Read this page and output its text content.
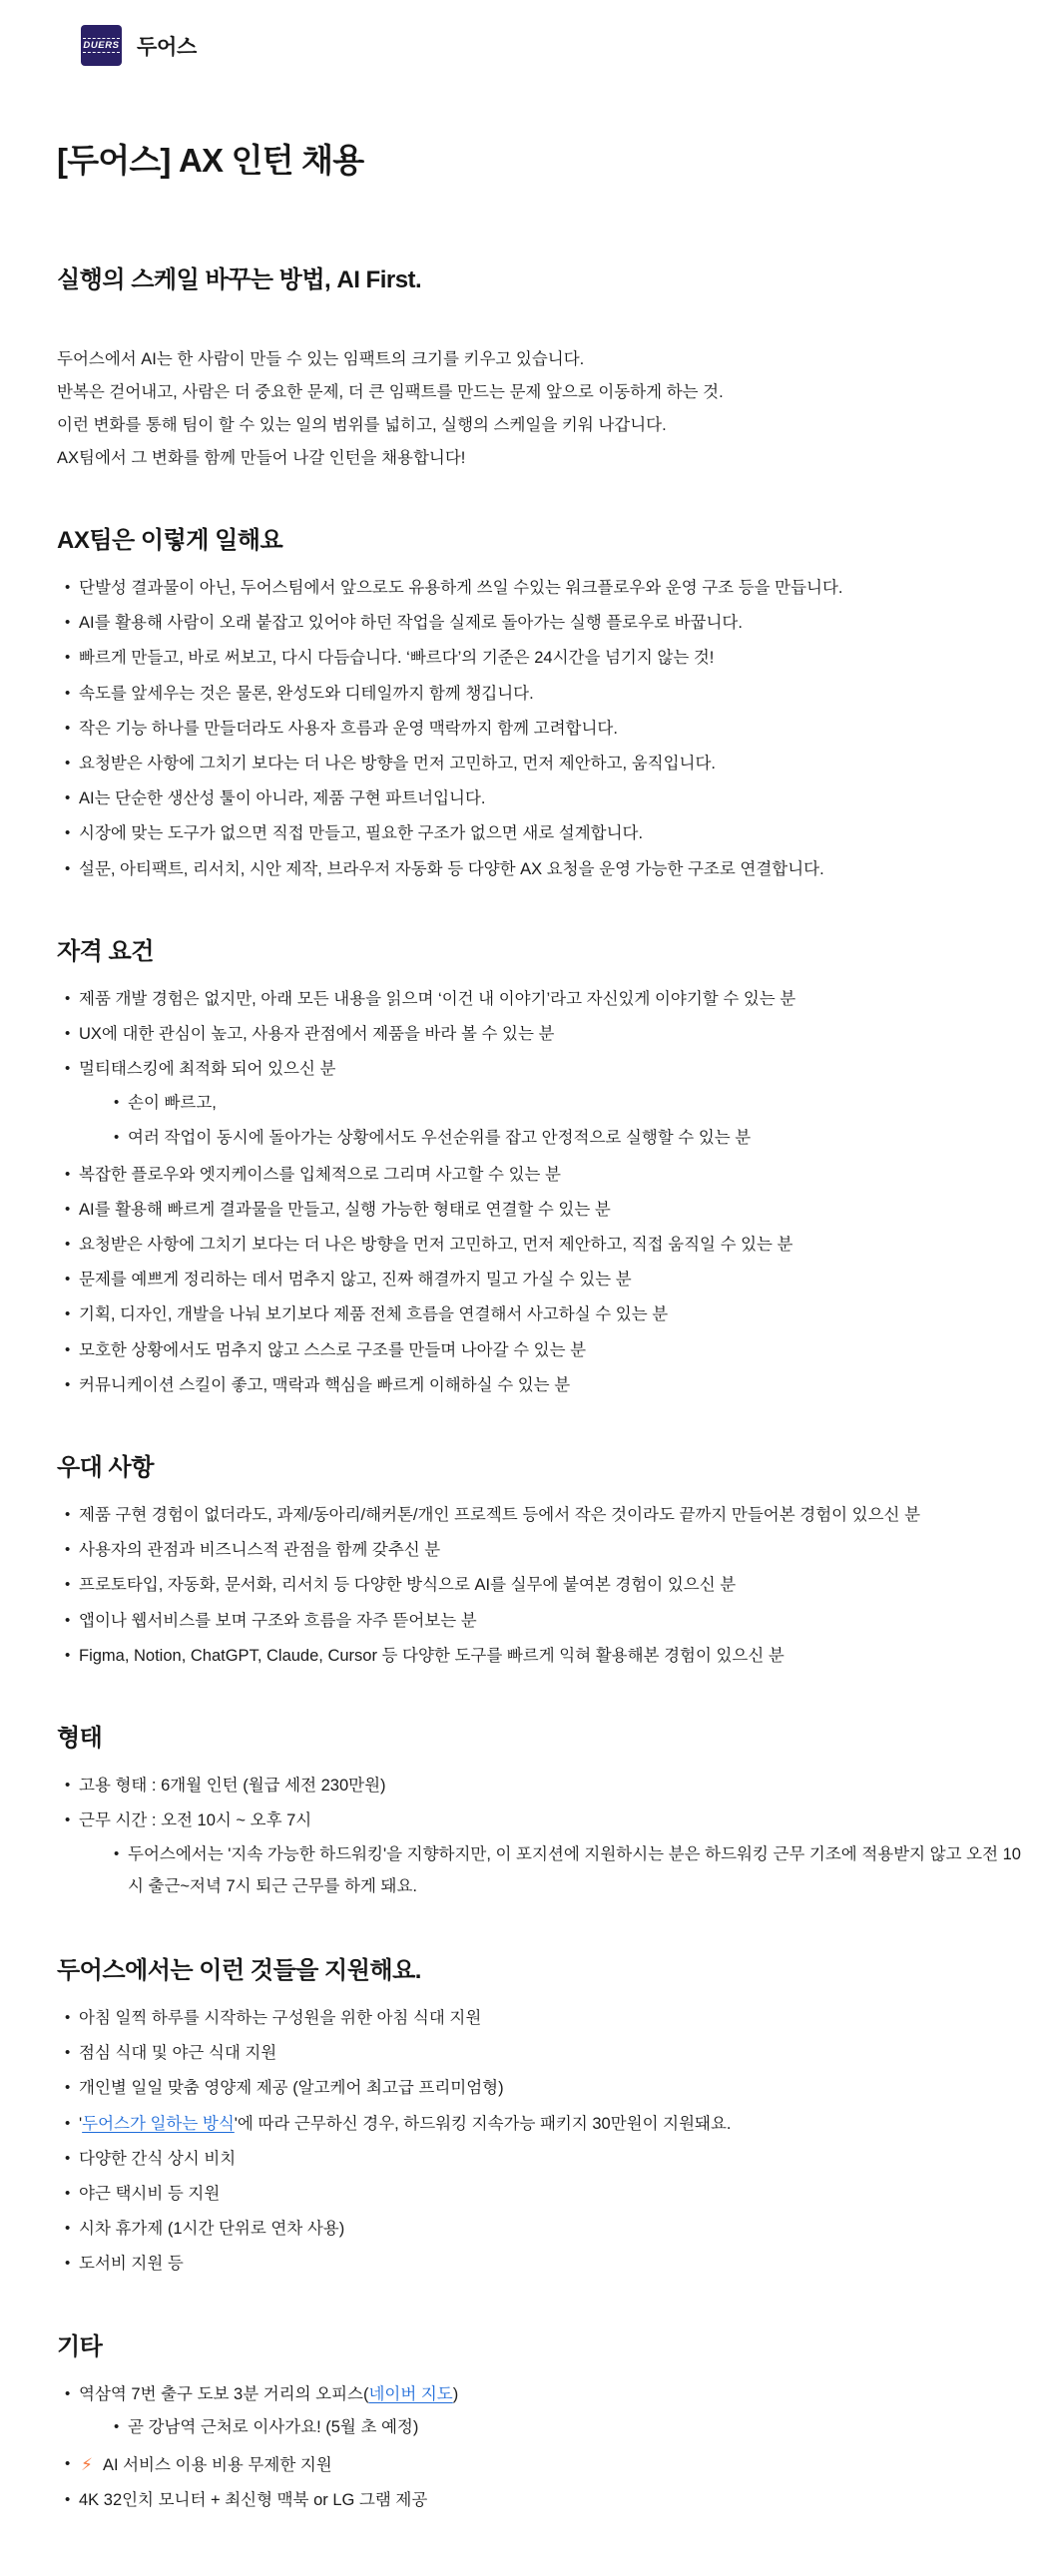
DUERS 두어스
[두어스] AX 인턴 채용
실행의 스케일 바꾸는 방법, AI First.
두어스에서 AI는 한 사람이 만들 수 있는 임팩트의 크기를 키우고 있습니다.
반복은 걷어내고, 사람은 더 중요한 문제, 더 큰 임팩트를 만드는 문제 앞으로 이동하게 하는 것.
이런 변화를 통해 팀이 할 수 있는 일의 범위를 넓히고, 실행의 스케일을 키워 나갑니다.
AX팀에서 그 변화를 함께 만들어 나갈 인턴을 채용합니다!
AX팀은 이렇게 일해요
• 단발성 결과물이 아닌, 두어스팀에서 앞으로도 유용하게 쓰일 수있는 워크플로우와 운영 구조 등을 만듭니다.
• AI를 활용해 사람이 오래 붙잡고 있어야 하던 작업을 실제로 돌아가는 실행 플로우로 바꿉니다.
• 빠르게 만들고, 바로 써보고, 다시 다듬습니다. ‘빠르다’의 기준은 24시간을 넘기지 않는 것!
• 속도를 앞세우는 것은 물론, 완성도와 디테일까지 함께 챙깁니다.
• 작은 기능 하나를 만들더라도 사용자 흐름과 운영 맥락까지 함께 고려합니다.
• 요청받은 사항에 그치기 보다는 더 나은 방향을 먼저 고민하고, 먼저 제안하고, 움직입니다.
• AI는 단순한 생산성 툴이 아니라, 제품 구현 파트너입니다.
• 시장에 맞는 도구가 없으면 직접 만들고, 필요한 구조가 없으면 새로 설계합니다.
• 설문, 아티팩트, 리서치, 시안 제작, 브라우저 자동화 등 다양한 AX 요청을 운영 가능한 구조로 연결합니다.
자격 요건
• 제품 개발 경험은 없지만, 아래 모든 내용을 읽으며 ‘이건 내 이야기’라고 자신있게 이야기할 수 있는 분
• UX에 대한 관심이 높고, 사용자 관점에서 제품을 바라 볼 수 있는 분
• 멀티태스킹에 최적화 되어 있으신 분
• 손이 빠르고,
• 여러 작업이 동시에 돌아가는 상황에서도 우선순위를 잡고 안정적으로 실행할 수 있는 분
• 복잡한 플로우와 엣지케이스를 입체적으로 그리며 사고할 수 있는 분
• AI를 활용해 빠르게 결과물을 만들고, 실행 가능한 형태로 연결할 수 있는 분
• 요청받은 사항에 그치기 보다는 더 나은 방향을 먼저 고민하고, 먼저 제안하고, 직접 움직일 수 있는 분
• 문제를 예쁘게 정리하는 데서 멈추지 않고, 진짜 해결까지 밀고 가실 수 있는 분
• 기획, 디자인, 개발을 나눠 보기보다 제품 전체 흐름을 연결해서 사고하실 수 있는 분
• 모호한 상황에서도 멈추지 않고 스스로 구조를 만들며 나아갈 수 있는 분
• 커뮤니케이션 스킬이 좋고, 맥락과 핵심을 빠르게 이해하실 수 있는 분
우대 사항
• 제품 구현 경험이 없더라도, 과제/동아리/해커톤/개인 프로젝트 등에서 작은 것이라도 끝까지 만들어본 경험이 있으신 분
• 사용자의 관점과 비즈니스적 관점을 함께 갖추신 분
• 프로토타입, 자동화, 문서화, 리서치 등 다양한 방식으로 AI를 실무에 붙여본 경험이 있으신 분
• 앱이나 웹서비스를 보며 구조와 흐름을 자주 뜯어보는 분
• Figma, Notion, ChatGPT, Claude, Cursor 등 다양한 도구를 빠르게 익혀 활용해본 경험이 있으신 분
형태
• 고용 형태 : 6개월 인턴 (월급 세전 230만원)
• 근무 시간 : 오전 10시 ~ 오후 7시
• 두어스에서는 '지속 가능한 하드워킹'을 지향하지만, 이 포지션에 지원하시는 분은 하드워킹 근무 기조에 적용받지 않고 오전 10시 출근~저녁 7시 퇴근 근무를 하게 돼요.
두어스에서는 이런 것들을 지원해요.
• 아침 일찍 하루를 시작하는 구성원을 위한 아침 식대 지원
• 점심 식대 및 야근 식대 지원
• 개인별 일일 맞춤 영양제 제공 (알고케어 최고급 프리미엄형)
• '두어스가 일하는 방식'에 따라 근무하신 경우, 하드워킹 지속가능 패키지 30만원이 지원돼요.
• 다양한 간식 상시 비치
• 야근 택시비 등 지원
• 시차 휴가제 (1시간 단위로 연차 사용)
• 도서비 지원 등
기타
• 역삼역 7번 출구 도보 3분 거리의 오피스(네이버 지도)
• 곧 강남역 근처로 이사가요! (5월 초 예정)
• ⚡ AI 서비스 이용 비용 무제한 지원
• 4K 32인치 모니터 + 최신형 맥북 or LG 그램 제공
